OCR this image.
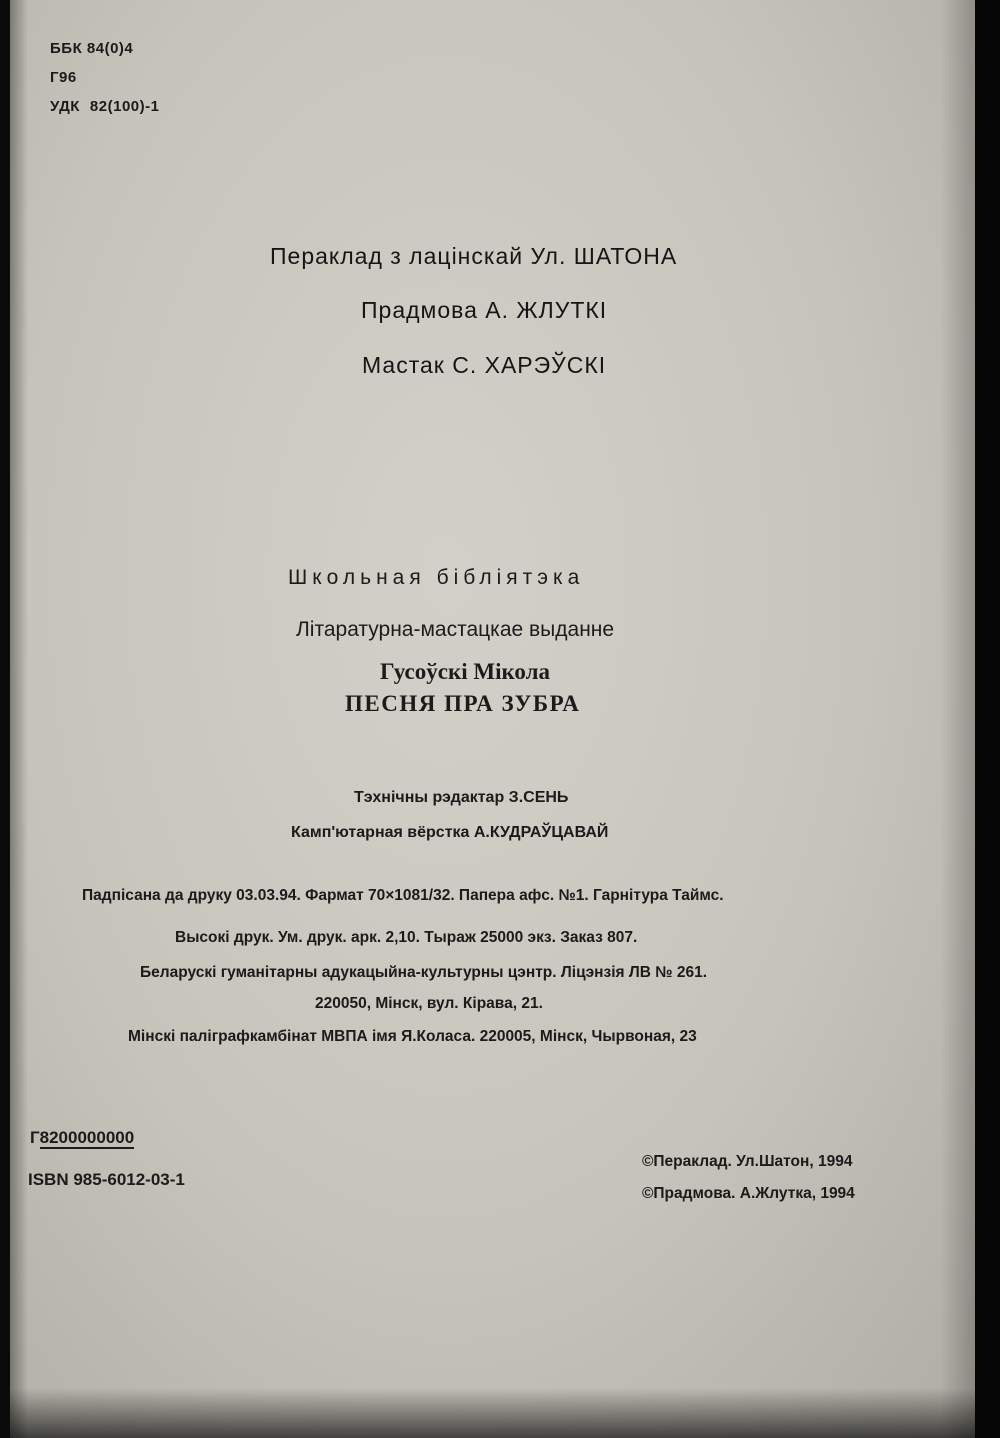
ББК 84(0)4
Г96
УДК 82(100)-1
Пераклад з лацінскай Ул. ШАТОНА
Прадмова А. ЖЛУТКІ
Мастак С. ХАРЭЎСКІ
Школьная бібліятэка
Літаратурна-мастацкае выданне
Гусоўскі Мікола
ПЕСНЯ ПРА ЗУБРА
Тэхнічны рэдактар З.СЕНЬ
Камп'ютарная вёрстка А.КУДРАЎЦАВАЙ
Падпісана да друку 03.03.94. Фармат 70×1081/32. Папера афс. №1. Гарнітура Таймс.
Высокі друк. Ум. друк. арк. 2,10. Тыраж 25000 экз. Заказ 807.
Беларускі гуманітарны адукацыйна-культурны цэнтр. Ліцэнзія ЛВ № 261.
220050, Мінск, вул. Кірава, 21.
Мінскі паліграфкамбінат МВПА імя Я.Коласа. 220005, Мінск, Чырвоная, 23
Г8200000000
ISBN 985-6012-03-1
©Пераклад. Ул.Шатон, 1994
©Прадмова. А.Жлутка, 1994
